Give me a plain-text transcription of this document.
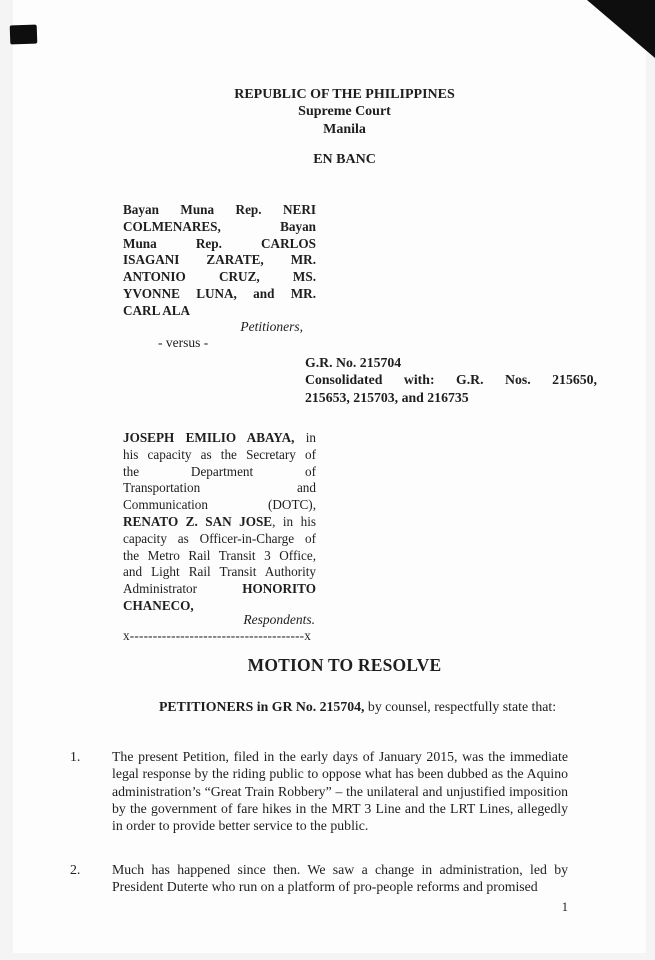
REPUBLIC OF THE PHILIPPINES
Supreme Court
Manila
EN BANC
Bayan Muna Rep. NERI
COLMENARES, Bayan
Muna Rep. CARLOS
ISAGANI ZARATE, MR.
ANTONIO CRUZ, MS.
YVONNE LUNA, and MR.
CARL ALA
Petitioners,
- versus -
G.R. No. 215704
Consolidated with: G.R. Nos. 215650,
215653, 215703, and 216735
JOSEPH EMILIO ABAYA, in
his capacity as the Secretary of
the Department of
Transportation and
Communication (DOTC),
RENATO Z. SAN JOSE, in his
capacity as Officer-in-Charge of
the Metro Rail Transit 3 Office,
and Light Rail Transit Authority
Administrator HONORITO
CHANECO,
Respondents.
x--------------------------------------x
MOTION TO RESOLVE
PETITIONERS in GR No. 215704, by counsel, respectfully state that:
1.	The present Petition, filed in the early days of January 2015, was the immediate legal response by the riding public to oppose what has been dubbed as the Aquino administration’s “Great Train Robbery” – the unilateral and unjustified imposition by the government of fare hikes in the MRT 3 Line and the LRT Lines, allegedly in order to provide better service to the public.
2.	Much has happened since then. We saw a change in administration, led by President Duterte who run on a platform of pro-people reforms and promised
1
